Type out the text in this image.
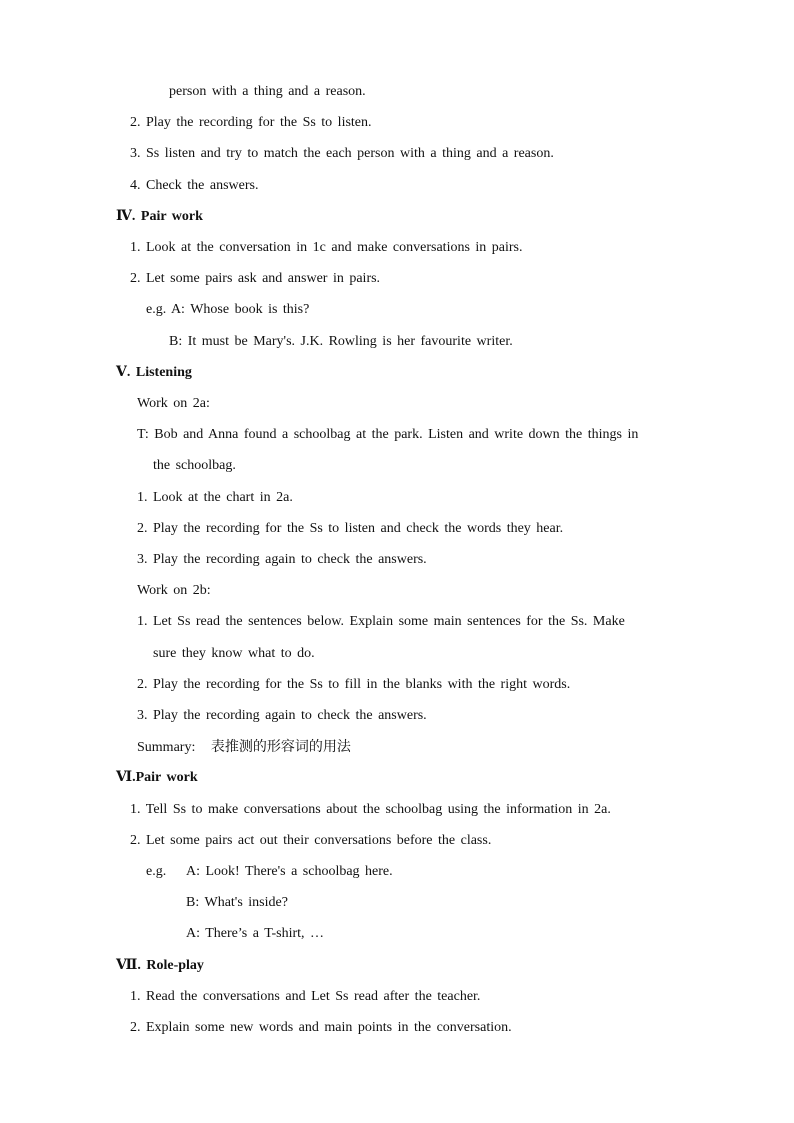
person with a thing and a reason.
2. Play the recording for the Ss to listen.
3. Ss listen and try to match the each person with a thing and a reason.
4. Check the answers.
Ⅳ. Pair work
1. Look at the conversation in 1c and make conversations in pairs.
2. Let some pairs ask and answer in pairs.
e.g. A: Whose book is this?
B: It must be Mary's. J.K. Rowling is her favourite writer.
Ⅴ. Listening
Work on 2a:
T: Bob and Anna found a schoolbag at the park. Listen and write down the things in
the schoolbag.
1. Look at the chart in 2a.
2. Play the recording for the Ss to listen and check the words they hear.
3. Play the recording again to check the answers.
Work on 2b:
1. Let Ss read the sentences below. Explain some main sentences for the Ss. Make
sure they know what to do.
2. Play the recording for the Ss to fill in the blanks with the right words.
3. Play the recording again to check the answers.
Summary: 表推测的形容词的用法
Ⅵ.Pair work
1. Tell Ss to make conversations about the schoolbag using the information in 2a.
2. Let some pairs act out their conversations before the class.
e.g. A: Look! There's a schoolbag here.
B: What's inside?
A: There’s a T-shirt, …
Ⅶ. Role-play
1. Read the conversations and Let Ss read after the teacher.
2. Explain some new words and main points in the conversation.
